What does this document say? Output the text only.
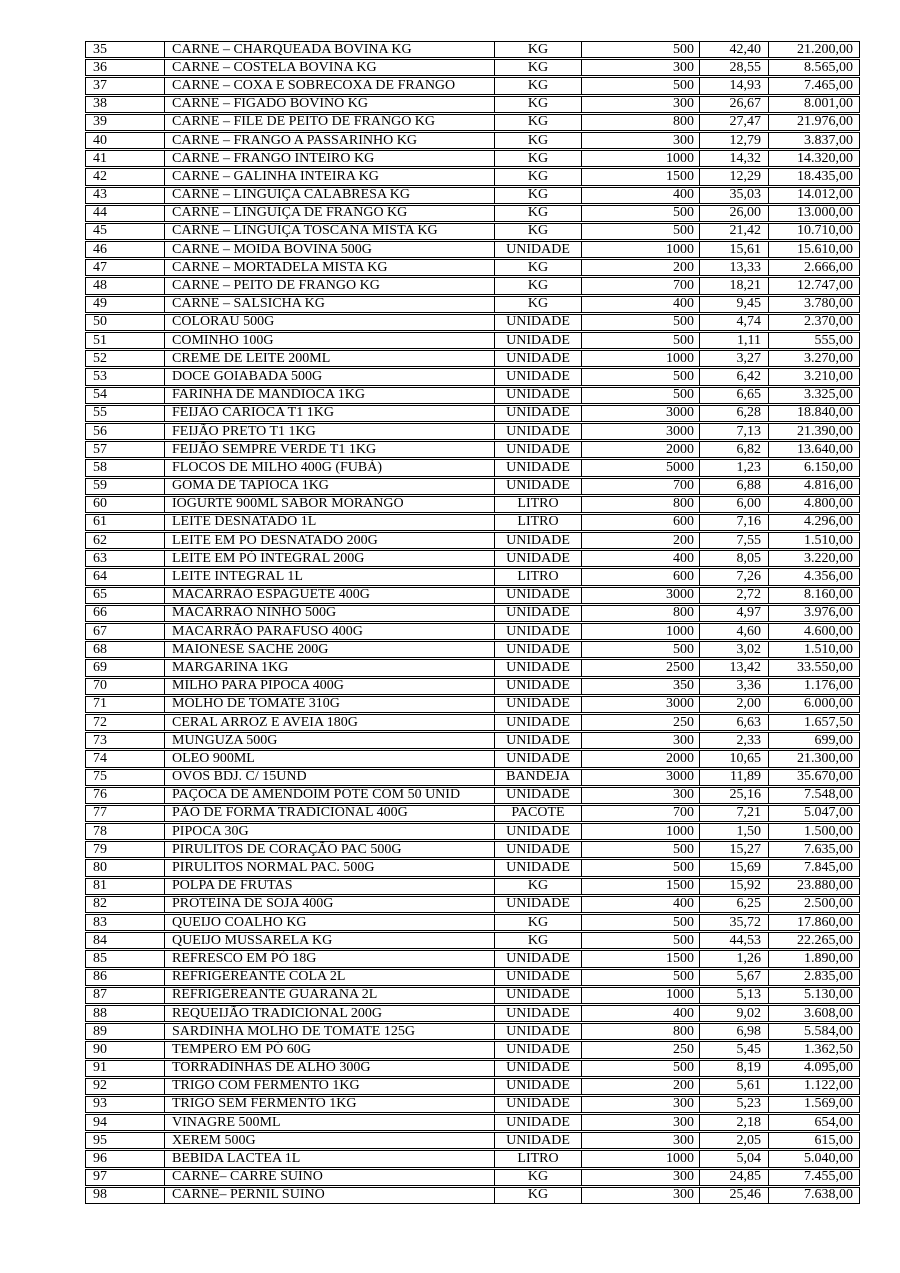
35	CARNE – CHARQUEADA BOVINA KG	KG	500	42,40	21.200,00
36	CARNE – COSTELA BOVINA KG	KG	300	28,55	8.565,00
37	CARNE – COXA E SOBRECOXA DE FRANGO	KG	500	14,93	7.465,00
38	CARNE – FIGADO BOVINO KG	KG	300	26,67	8.001,00
39	CARNE – FILE DE PEITO DE FRANGO KG	KG	800	27,47	21.976,00
40	CARNE – FRANGO A PASSARINHO KG	KG	300	12,79	3.837,00
41	CARNE – FRANGO INTEIRO KG	KG	1000	14,32	14.320,00
42	CARNE – GALINHA INTEIRA KG	KG	1500	12,29	18.435,00
43	CARNE – LINGUIÇA CALABRESA KG	KG	400	35,03	14.012,00
44	CARNE – LINGUIÇA DE FRANGO KG	KG	500	26,00	13.000,00
45	CARNE – LINGUIÇA TOSCANA MISTA KG	KG	500	21,42	10.710,00
46	CARNE – MOIDA BOVINA 500G	UNIDADE	1000	15,61	15.610,00
47	CARNE – MORTADELA MISTA KG	KG	200	13,33	2.666,00
48	CARNE – PEITO DE FRANGO KG	KG	700	18,21	12.747,00
49	CARNE – SALSICHA KG	KG	400	9,45	3.780,00
50	COLORAU 500G	UNIDADE	500	4,74	2.370,00
51	COMINHO 100G	UNIDADE	500	1,11	555,00
52	CREME DE LEITE 200ML	UNIDADE	1000	3,27	3.270,00
53	DOCE GOIABADA 500G	UNIDADE	500	6,42	3.210,00
54	FARINHA DE MANDIOCA 1KG	UNIDADE	500	6,65	3.325,00
55	FEIJÃO CARIOCA T1 1KG	UNIDADE	3000	6,28	18.840,00
56	FEIJÃO PRETO T1 1KG	UNIDADE	3000	7,13	21.390,00
57	FEIJÃO SEMPRE VERDE T1 1KG	UNIDADE	2000	6,82	13.640,00
58	FLOCOS DE MILHO 400G (FUBÁ)	UNIDADE	5000	1,23	6.150,00
59	GOMA DE TAPIOCA 1KG	UNIDADE	700	6,88	4.816,00
60	IOGURTE 900ML SABOR MORANGO	LITRO	800	6,00	4.800,00
61	LEITE DESNATADO 1L	LITRO	600	7,16	4.296,00
62	LEITE EM PO DESNATADO 200G	UNIDADE	200	7,55	1.510,00
63	LEITE EM PÓ INTEGRAL 200G	UNIDADE	400	8,05	3.220,00
64	LEITE INTEGRAL 1L	LITRO	600	7,26	4.356,00
65	MACARRÃO ESPAGUETE 400G	UNIDADE	3000	2,72	8.160,00
66	MACARRÃO NINHO 500G	UNIDADE	800	4,97	3.976,00
67	MACARRÃO PARAFUSO 400G	UNIDADE	1000	4,60	4.600,00
68	MAIONESE SACHE 200G	UNIDADE	500	3,02	1.510,00
69	MARGARINA 1KG	UNIDADE	2500	13,42	33.550,00
70	MILHO PARA PIPOCA 400G	UNIDADE	350	3,36	1.176,00
71	MOLHO DE TOMATE 310G	UNIDADE	3000	2,00	6.000,00
72	CERAL ARROZ E AVEIA 180G	UNIDADE	250	6,63	1.657,50
73	MUNGUZA 500G	UNIDADE	300	2,33	699,00
74	OLEO 900ML	UNIDADE	2000	10,65	21.300,00
75	OVOS BDJ. C/ 15UND	BANDEJA	3000	11,89	35.670,00
76	PAÇOCA DE AMENDOIM POTE COM 50 UNID	UNIDADE	300	25,16	7.548,00
77	PÃO DE FORMA TRADICIONAL 400G	PACOTE	700	7,21	5.047,00
78	PIPOCA 30G	UNIDADE	1000	1,50	1.500,00
79	PIRULITOS DE CORAÇÃO PAC 500G	UNIDADE	500	15,27	7.635,00
80	PIRULITOS NORMAL PAC. 500G	UNIDADE	500	15,69	7.845,00
81	POLPA DE FRUTAS	KG	1500	15,92	23.880,00
82	PROTEINA DE SOJA 400G	UNIDADE	400	6,25	2.500,00
83	QUEIJO COALHO KG	KG	500	35,72	17.860,00
84	QUEIJO MUSSARELA KG	KG	500	44,53	22.265,00
85	REFRESCO EM PÓ 18G	UNIDADE	1500	1,26	1.890,00
86	REFRIGEREANTE COLA 2L	UNIDADE	500	5,67	2.835,00
87	REFRIGEREANTE GUARANA 2L	UNIDADE	1000	5,13	5.130,00
88	REQUEIJÃO TRADICIONAL 200G	UNIDADE	400	9,02	3.608,00
89	SARDINHA MOLHO DE TOMATE 125G	UNIDADE	800	6,98	5.584,00
90	TEMPERO EM PÓ 60G	UNIDADE	250	5,45	1.362,50
91	TORRADINHAS DE ALHO 300G	UNIDADE	500	8,19	4.095,00
92	TRIGO COM FERMENTO 1KG	UNIDADE	200	5,61	1.122,00
93	TRIGO SEM FERMENTO 1KG	UNIDADE	300	5,23	1.569,00
94	VINAGRE 500ML	UNIDADE	300	2,18	654,00
95	XEREM 500G	UNIDADE	300	2,05	615,00
96	BEBIDA LACTEA 1L	LITRO	1000	5,04	5.040,00
97	CARNE– CARRE SUINO	KG	300	24,85	7.455,00
98	CARNE– PERNIL SUINO	KG	300	25,46	7.638,00
